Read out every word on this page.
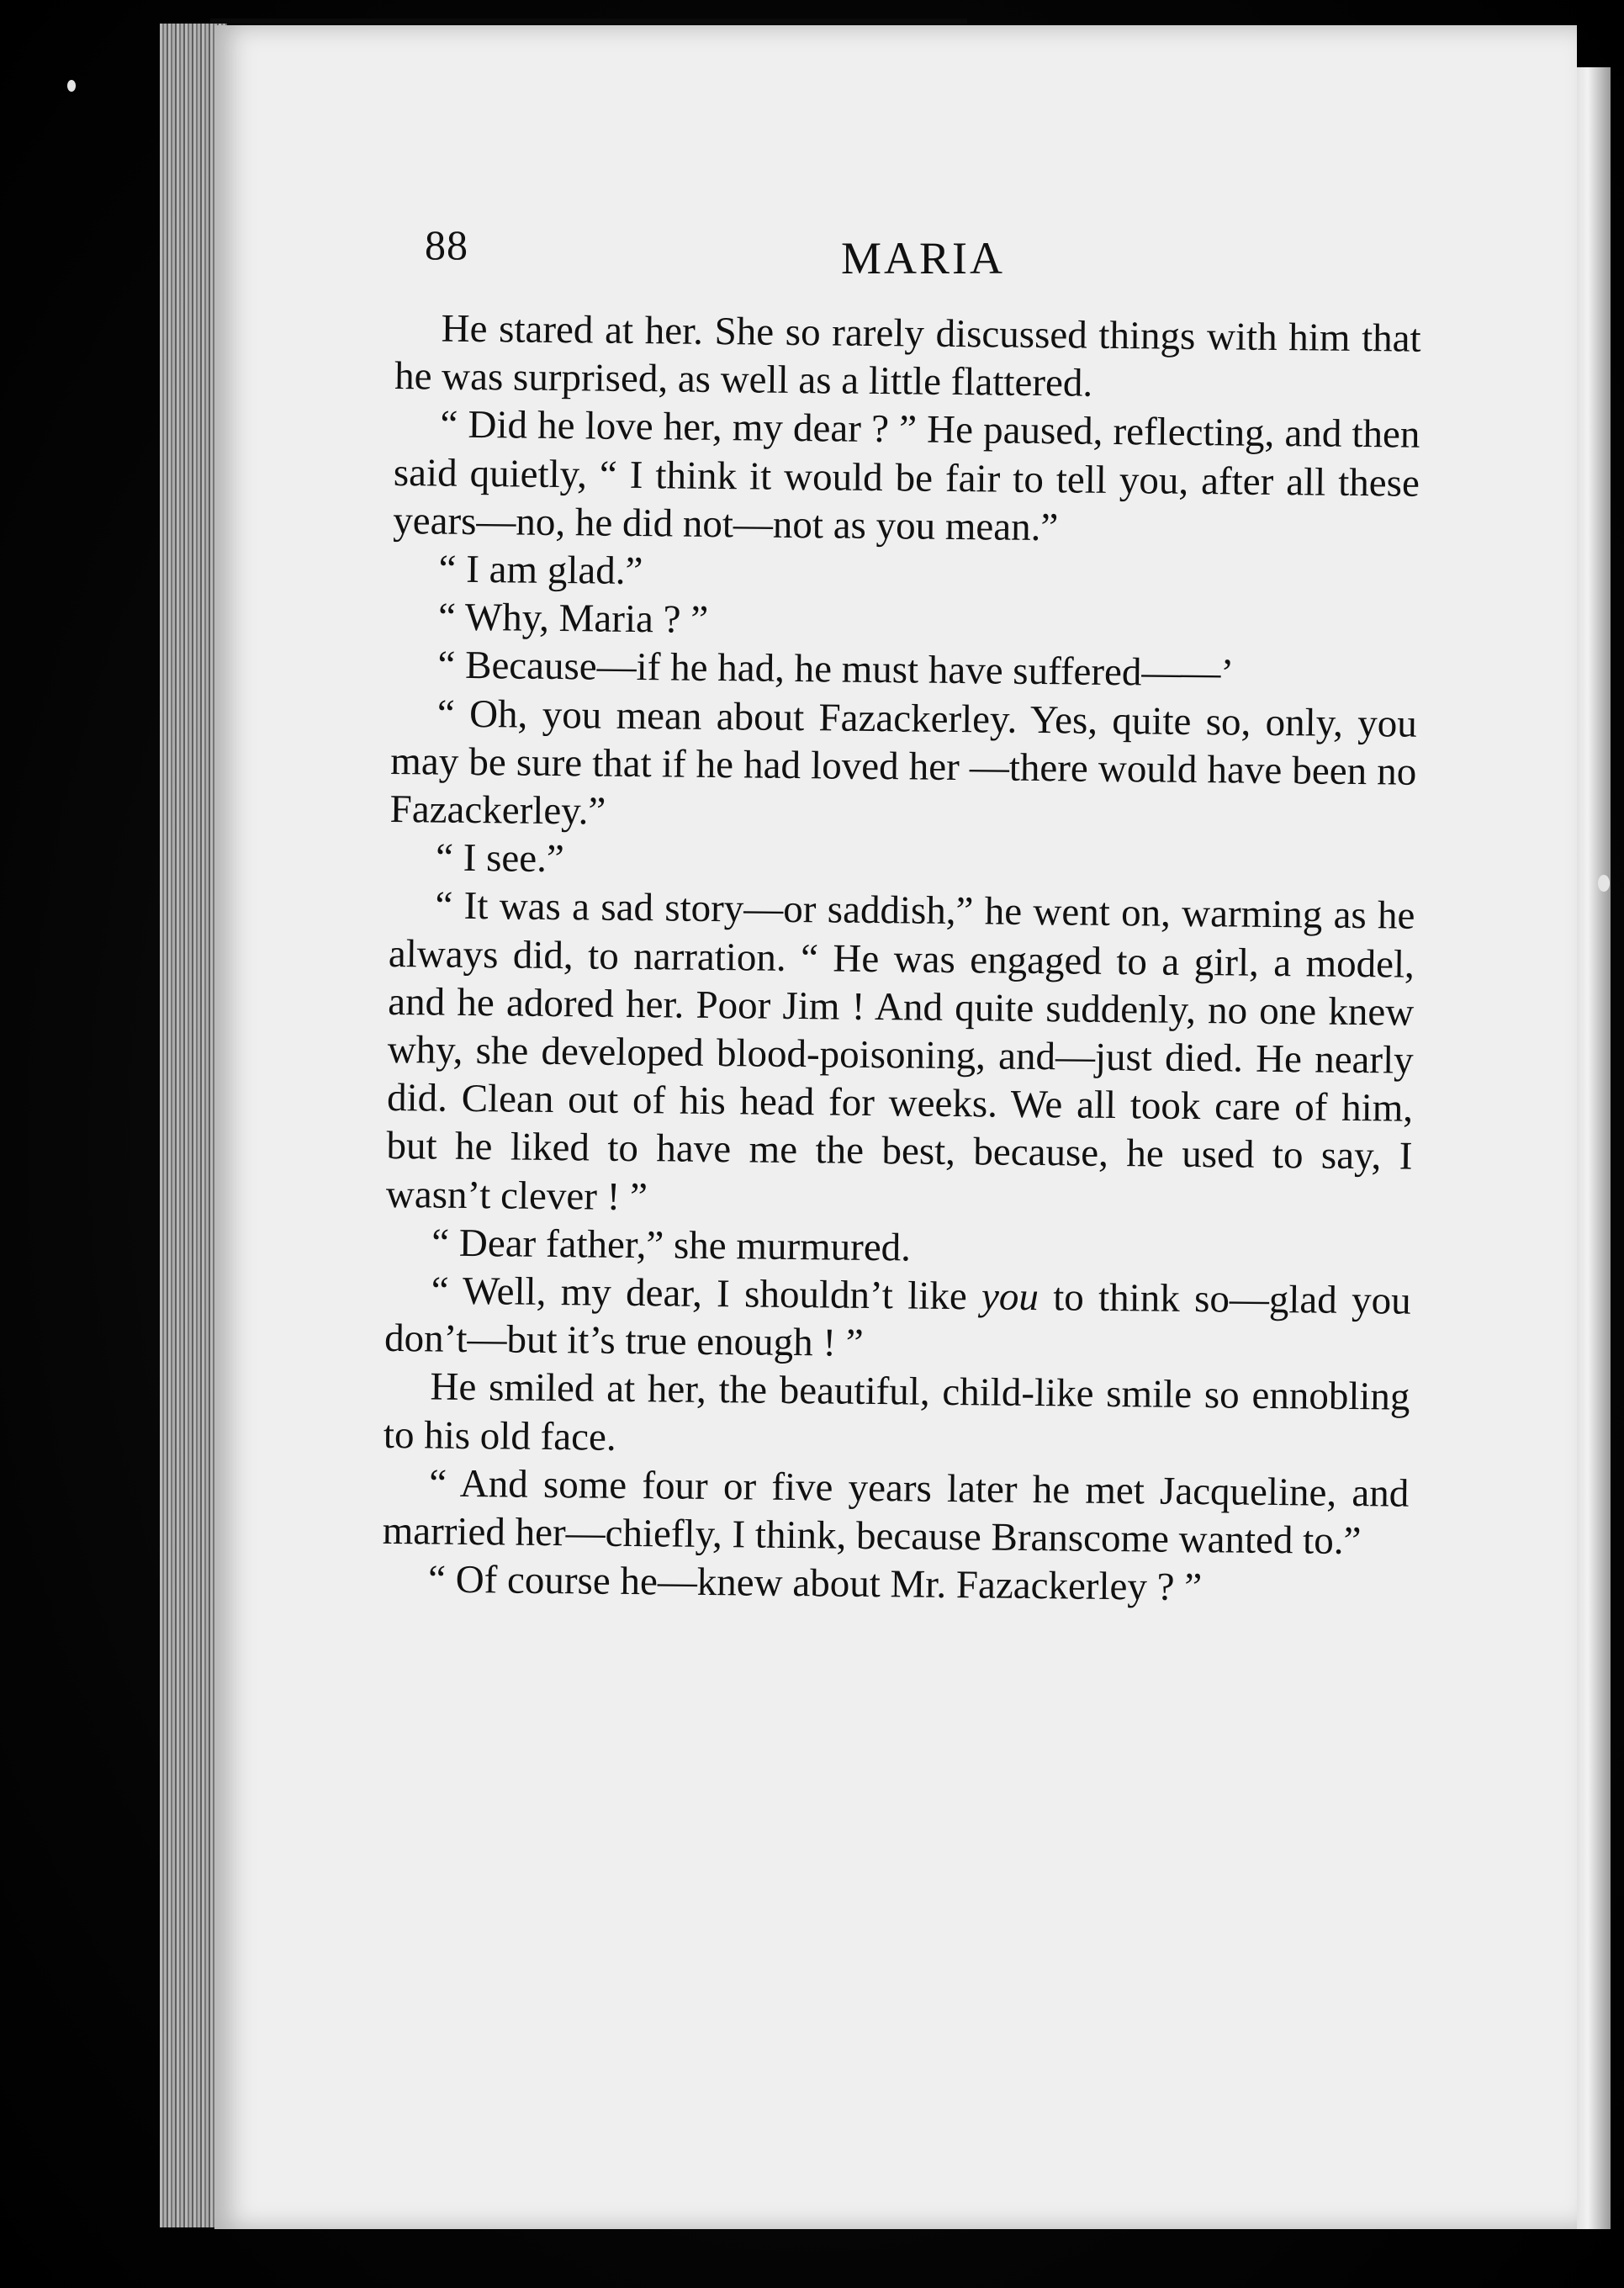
88	MARIA

He stared at her. She so rarely discussed things with him that he was surprised, as well as a little flattered.

“ Did he love her, my dear ? ” He paused, reflecting, and then said quietly, “ I think it would be fair to tell you, after all these years—no, he did not—not as you mean.”

“ I am glad.”

“ Why, Maria ? ”

“ Because—if he had, he must have suffered——’

“ Oh, you mean about Fazackerley. Yes, quite so, only, you may be sure that if he had loved her —there would have been no Fazackerley.”

“ I see.”

“ It was a sad story—or saddish,” he went on, warming as he always did, to narration. “ He was engaged to a girl, a model, and he adored her. Poor Jim ! And quite suddenly, no one knew why, she developed blood-poisoning, and—just died. He nearly did. Clean out of his head for weeks. We all took care of him, but he liked to have me the best, because, he used to say, I wasn’t clever ! ”

“ Dear father,” she murmured.

“ Well, my dear, I shouldn’t like you to think so—glad you don’t—but it’s true enough ! ”

He smiled at her, the beautiful, child-like smile so ennobling to his old face.

“ And some four or five years later he met Jacqueline, and married her—chiefly, I think, because Branscome wanted to.”

“ Of course he—knew about Mr. Fazackerley ? ”
